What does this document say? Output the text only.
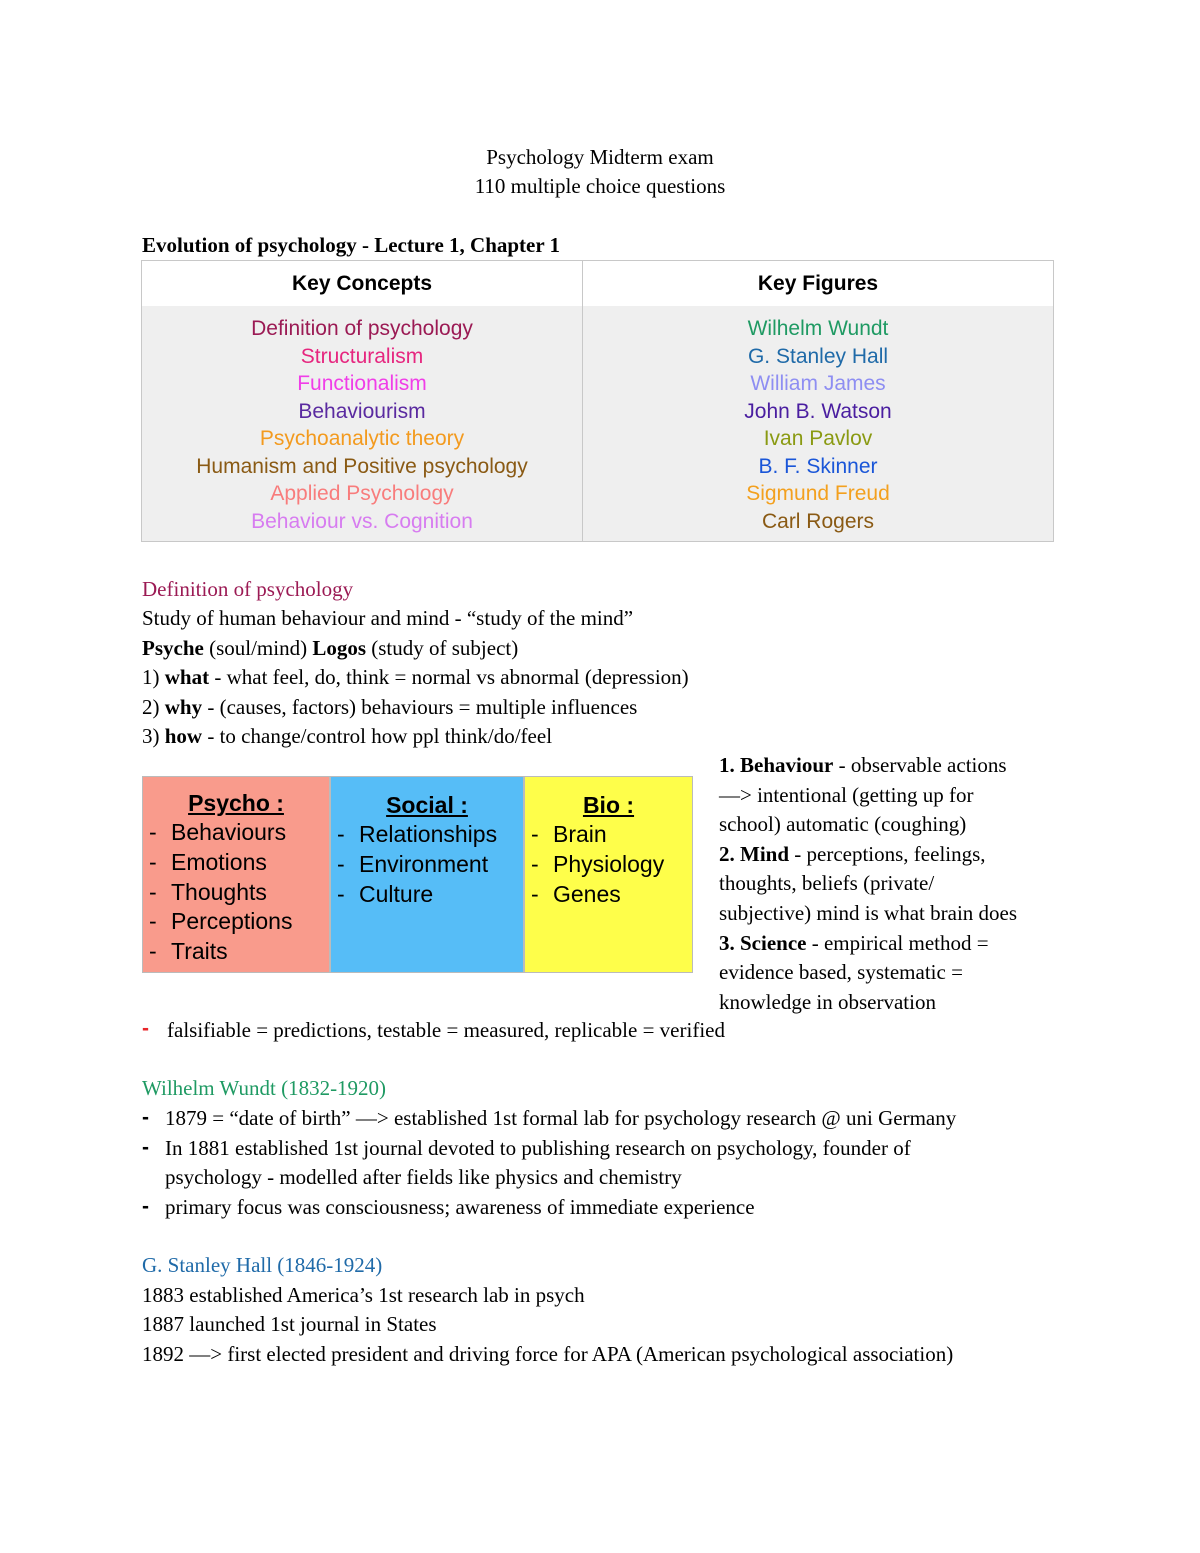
Psychology Midterm exam
110 multiple choice questions
Evolution of psychology - Lecture 1, Chapter 1
Key Concepts	Key Figures
Definition of psychology
Structuralism
Functionalism
Behaviourism
Psychoanalytic theory
Humanism and Positive psychology
Applied Psychology
Behaviour vs. Cognition
Wilhelm Wundt
G. Stanley Hall
William James
John B. Watson
Ivan Pavlov
B. F. Skinner
Sigmund Freud
Carl Rogers
Definition of psychology
Study of human behaviour and mind - “study of the mind”
Psyche (soul/mind) Logos (study of subject)
1) what - what feel, do, think = normal vs abnormal (depression)
2) why - (causes, factors) behaviours = multiple influences
3) how - to change/control how ppl think/do/feel
Psycho :
- Behaviours
- Emotions
- Thoughts
- Perceptions
- Traits
Social :
- Relationships
- Environment
- Culture
Bio :
- Brain
- Physiology
- Genes
1. Behaviour - observable actions
—> intentional (getting up for
school) automatic (coughing)
2. Mind - perceptions, feelings,
thoughts, beliefs (private/
subjective) mind is what brain does
3. Science - empirical method =
evidence based, systematic =
knowledge in observation
- falsifiable = predictions, testable = measured, replicable = verified
Wilhelm Wundt (1832-1920)
- 1879 = “date of birth” —> established 1st formal lab for psychology research @ uni Germany
- In 1881 established 1st journal devoted to publishing research on psychology, founder of
psychology - modelled after fields like physics and chemistry
- primary focus was consciousness; awareness of immediate experience
G. Stanley Hall (1846-1924)
1883 established America’s 1st research lab in psych
1887 launched 1st journal in States
1892 —> first elected president and driving force for APA (American psychological association)
